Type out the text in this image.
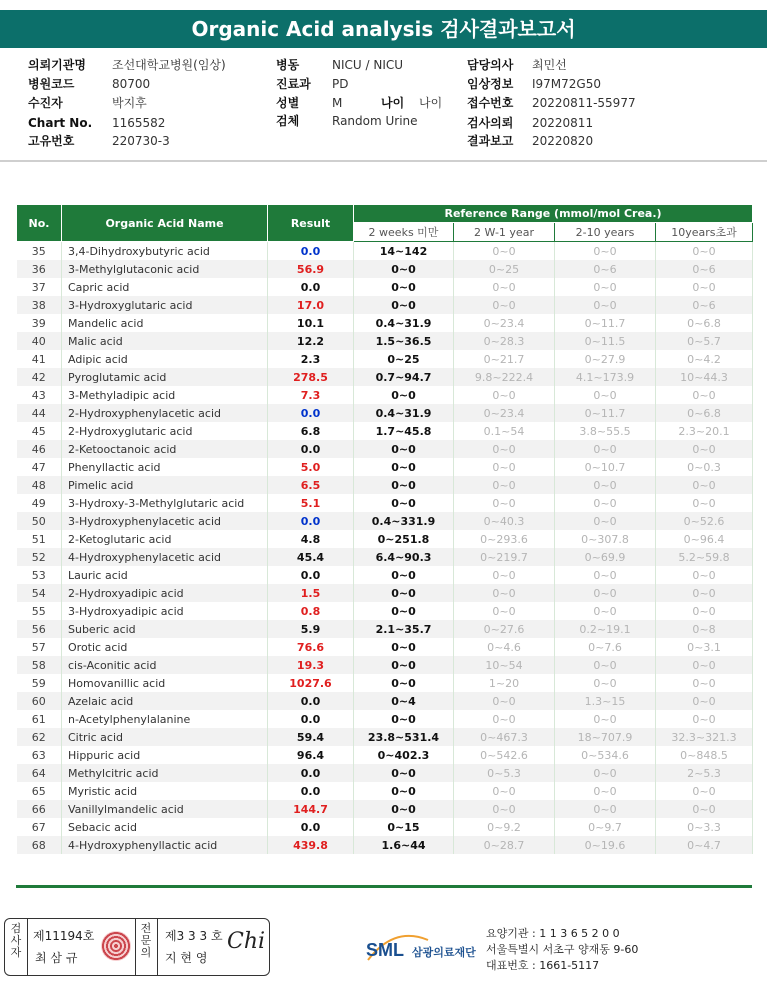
Organic Acid analysis 검사결과보고서
의뢰기관명 조선대학교병원(임상)
병원코드	80700
수진자	박지후
Chart No. 1165582
고유번호	220730-3
병동	NICU / NICU
진료과 PD
성별	M	나이 나이
검체	Random Urine
담당의사 최민선
임상정보 I97M72G50
접수번호 20220811-55977
검사의뢰 20220811
결과보고 20220820
No.	Organic Acid Name	Result	Reference Range (mmol/mol Crea.)			
			2 weeks 미만	2 W-1 year	2-10 years	10years초과
35	3,4-Dihydroxybutyric acid	0.0	14~142	0~0	0~0	0~0
36	3-Methylglutaconic acid	56.9	0~0	0~25	0~6	0~6
37	Capric acid	0.0	0~0	0~0	0~0	0~0
38	3-Hydroxyglutaric acid	17.0	0~0	0~0	0~0	0~6
39	Mandelic acid	10.1	0.4~31.9	0~23.4	0~11.7	0~6.8
40	Malic acid	12.2	1.5~36.5	0~28.3	0~11.5	0~5.7
41	Adipic acid	2.3	0~25	0~21.7	0~27.9	0~4.2
42	Pyroglutamic acid	278.5	0.7~94.7	9.8~222.4	4.1~173.9	10~44.3
43	3-Methyladipic acid	7.3	0~0	0~0	0~0	0~0
44	2-Hydroxyphenylacetic acid	0.0	0.4~31.9	0~23.4	0~11.7	0~6.8
45	2-Hydroxyglutaric acid	6.8	1.7~45.8	0.1~54	3.8~55.5	2.3~20.1
46	2-Ketooctanoic acid	0.0	0~0	0~0	0~0	0~0
47	Phenyllactic acid	5.0	0~0	0~0	0~10.7	0~0.3
48	Pimelic acid	6.5	0~0	0~0	0~0	0~0
49	3-Hydroxy-3-Methylglutaric acid	5.1	0~0	0~0	0~0	0~0
50	3-Hydroxyphenylacetic acid	0.0	0.4~331.9	0~40.3	0~0	0~52.6
51	2-Ketoglutaric acid	4.8	0~251.8	0~293.6	0~307.8	0~96.4
52	4-Hydroxyphenylacetic acid	45.4	6.4~90.3	0~219.7	0~69.9	5.2~59.8
53	Lauric acid	0.0	0~0	0~0	0~0	0~0
54	2-Hydroxyadipic acid	1.5	0~0	0~0	0~0	0~0
55	3-Hydroxyadipic acid	0.8	0~0	0~0	0~0	0~0
56	Suberic acid	5.9	2.1~35.7	0~27.6	0.2~19.1	0~8
57	Orotic acid	76.6	0~0	0~4.6	0~7.6	0~3.1
58	cis-Aconitic acid	19.3	0~0	10~54	0~0	0~0
59	Homovanillic acid	1027.6	0~0	1~20	0~0	0~0
60	Azelaic acid	0.0	0~4	0~0	1.3~15	0~0
61	n-Acetylphenylalanine	0.0	0~0	0~0	0~0	0~0
62	Citric acid	59.4	23.8~531.4	0~467.3	18~707.9	32.3~321.3
63	Hippuric acid	96.4	0~402.3	0~542.6	0~534.6	0~848.5
64	Methylcitric acid	0.0	0~0	0~5.3	0~0	2~5.3
65	Myristic acid	0.0	0~0	0~0	0~0	0~0
66	Vanillylmandelic acid	144.7	0~0	0~0	0~0	0~0
67	Sebacic acid	0.0	0~15	0~9.2	0~9.7	0~3.3
68	4-Hydroxyphenyllactic acid	439.8	1.6~44	0~28.7	0~19.6	0~4.7
검사자
제11194호
최 삼 규
전문의
제3 3 3 호
지 현 영
Chi	SML 삼광의료재단
요양기관 : 1 1 3 6 5 2 0 0
서울특별시 서초구 양재동 9-60
대표번호 : 1661-5117
